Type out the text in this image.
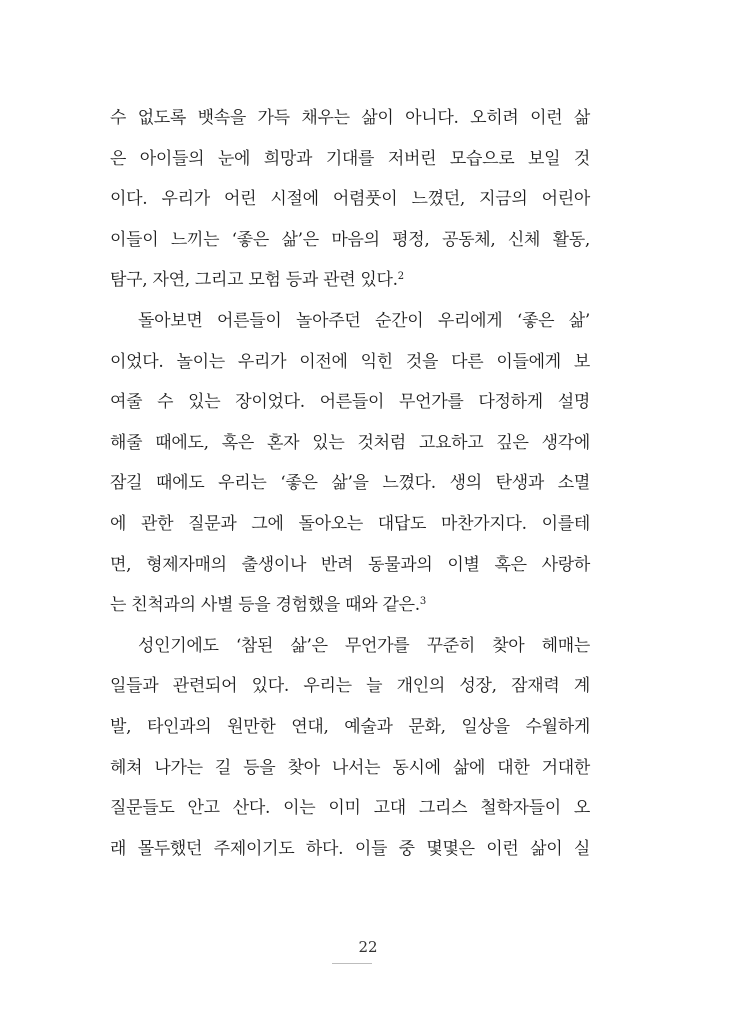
수 없도록 뱃속을 가득 채우는 삶이 아니다. 오히려 이런 삶
은 아이들의 눈에 희망과 기대를 저버린 모습으로 보일 것
이다. 우리가 어린 시절에 어렴풋이 느꼈던, 지금의 어린아
이들이 느끼는 ‘좋은 삶’은 마음의 평정, 공동체, 신체 활동,
탐구, 자연, 그리고 모험 등과 관련 있다.$^2$
돌아보면 어른들이 놀아주던 순간이 우리에게 ‘좋은 삶’
이었다. 놀이는 우리가 이전에 익힌 것을 다른 이들에게 보
여줄 수 있는 장이었다. 어른들이 무언가를 다정하게 설명
해줄 때에도, 혹은 혼자 있는 것처럼 고요하고 깊은 생각에
잠길 때에도 우리는 ‘좋은 삶’을 느꼈다. 생의 탄생과 소멸
에 관한 질문과 그에 돌아오는 대답도 마찬가지다. 이를테
면, 형제자매의 출생이나 반려 동물과의 이별 혹은 사랑하
는 친척과의 사별 등을 경험했을 때와 같은.$^3$
성인기에도 ‘참된 삶’은 무언가를 꾸준히 찾아 헤매는
일들과 관련되어 있다. 우리는 늘 개인의 성장, 잠재력 계
발, 타인과의 원만한 연대, 예술과 문화, 일상을 수월하게
헤쳐 나가는 길 등을 찾아 나서는 동시에 삶에 대한 거대한
질문들도 안고 산다. 이는 이미 고대 그리스 철학자들이 오
래 몰두했던 주제이기도 하다. 이들 중 몇몇은 이런 삶이 실
22
